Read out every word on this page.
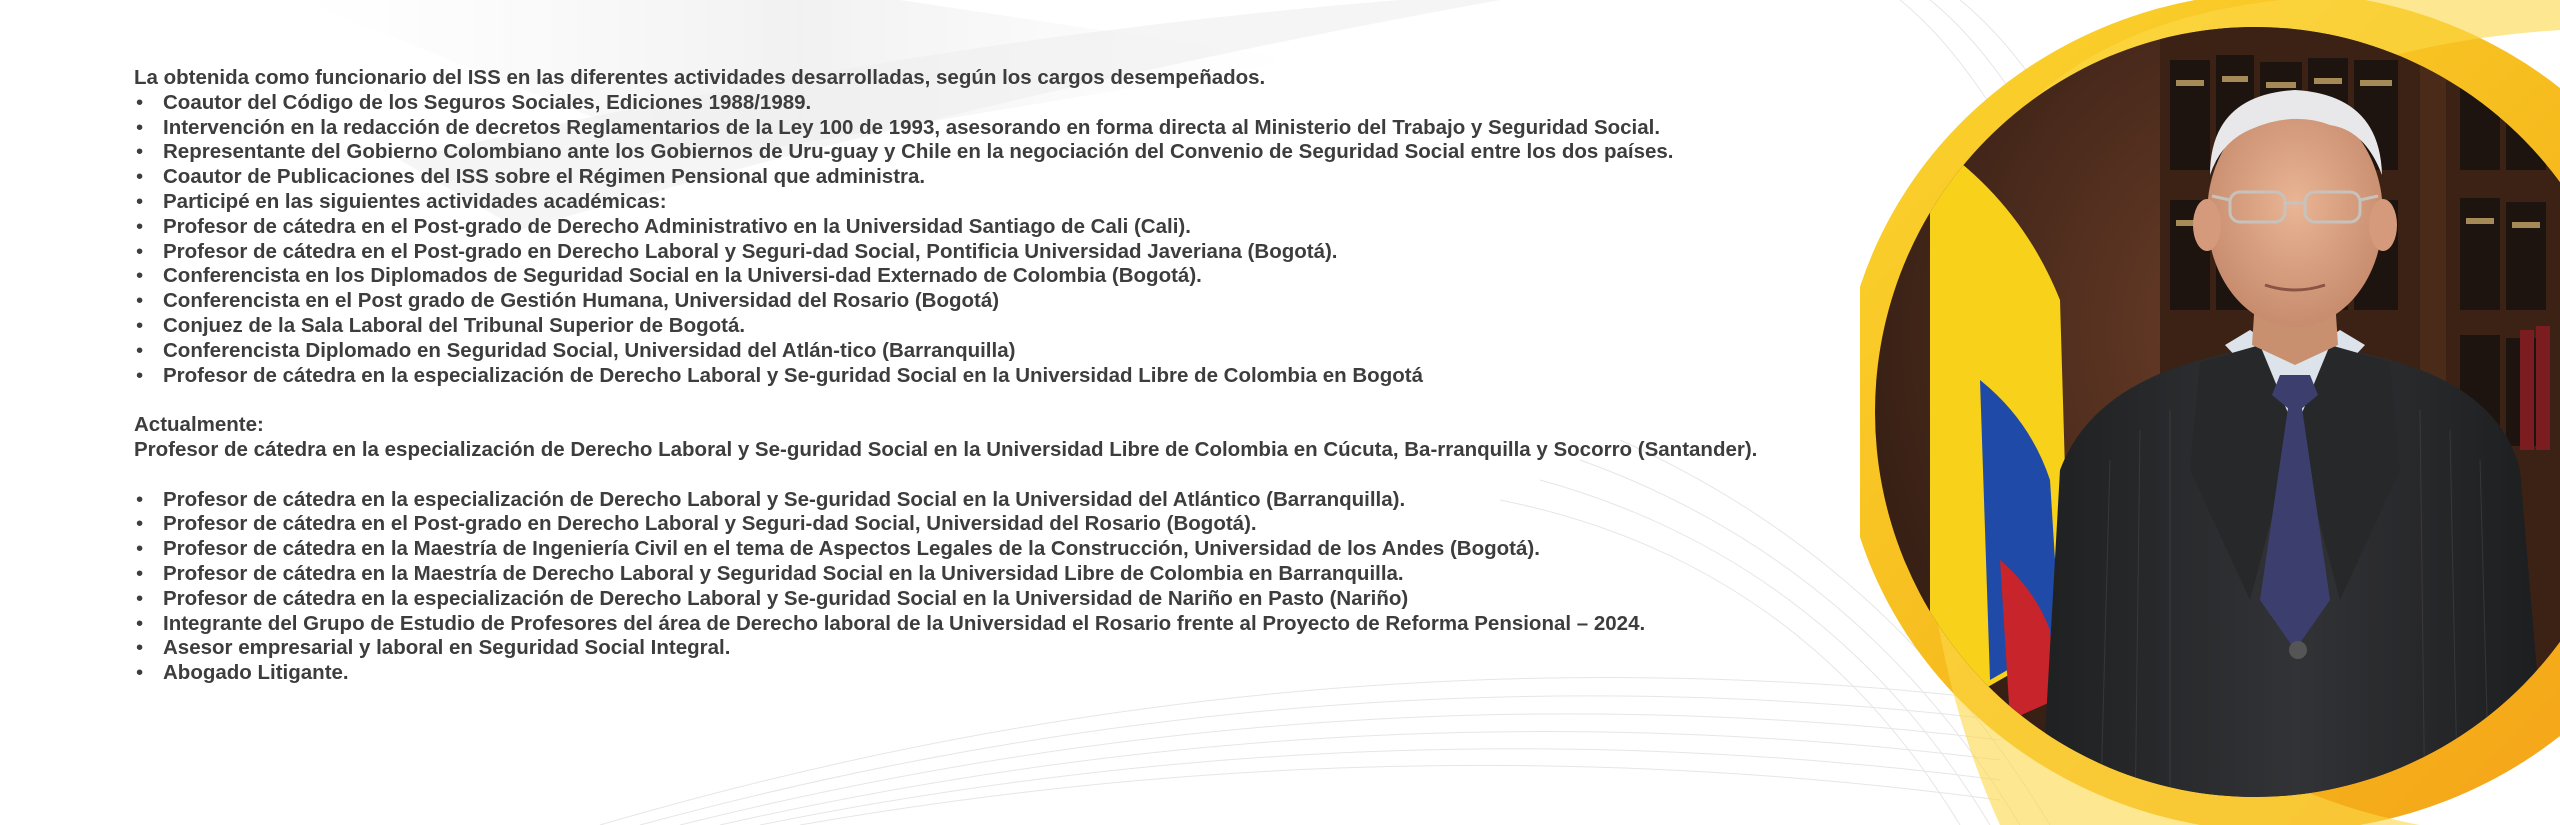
La obtenida como funcionario del ISS en las diferentes actividades desarrolladas, según los cargos desempeñados.

• Coautor del Código de los Seguros Sociales, Ediciones 1988/1989.
• Intervención en la redacción de decretos Reglamentarios de la Ley 100 de 1993, asesorando en forma directa al Ministerio del Trabajo y Seguridad Social.
• Representante del Gobierno Colombiano ante los Gobiernos de Uru-guay y Chile en la negociación del Convenio de Seguridad Social entre los dos países.
• Coautor de Publicaciones del ISS sobre el Régimen Pensional que administra.
• Participé en las siguientes actividades académicas:
• Profesor de cátedra en el Post-grado de Derecho Administrativo en la Universidad Santiago de Cali (Cali).
• Profesor de cátedra en el Post-grado en Derecho Laboral y Seguri-dad Social, Pontificia Universidad Javeriana (Bogotá).
• Conferencista en los Diplomados de Seguridad Social en la Universi-dad Externado de Colombia (Bogotá).
• Conferencista en el Post grado de Gestión Humana, Universidad del Rosario (Bogotá)
• Conjuez de la Sala Laboral del Tribunal Superior de Bogotá.
• Conferencista Diplomado en Seguridad Social, Universidad del Atlán-tico (Barranquilla)
• Profesor de cátedra en la especialización de Derecho Laboral y Se-guridad Social en la Universidad Libre de Colombia en Bogotá

Actualmente:

Profesor de cátedra en la especialización de Derecho Laboral y Se-guridad Social en la Universidad Libre de Colombia en Cúcuta, Ba-rranquilla y Socorro (Santander).

• Profesor de cátedra en la especialización de Derecho Laboral y Se-guridad Social en la Universidad del Atlántico (Barranquilla).
• Profesor de cátedra en el Post-grado en Derecho Laboral y Seguri-dad Social, Universidad del Rosario (Bogotá).
• Profesor de cátedra en la Maestría de Ingeniería Civil en el tema de Aspectos Legales de la Construcción, Universidad de los Andes (Bogotá).
• Profesor de cátedra en la Maestría de Derecho Laboral y Seguridad Social en la Universidad Libre de Colombia en Barranquilla.
• Profesor de cátedra en la especialización de Derecho Laboral y Se-guridad Social en la Universidad de Nariño en Pasto (Nariño)
• Integrante del Grupo de Estudio de Profesores del área de Derecho laboral de la Universidad el Rosario frente al Proyecto de Reforma Pensional – 2024.
• Asesor empresarial y laboral en Seguridad Social Integral.
• Abogado Litigante.
